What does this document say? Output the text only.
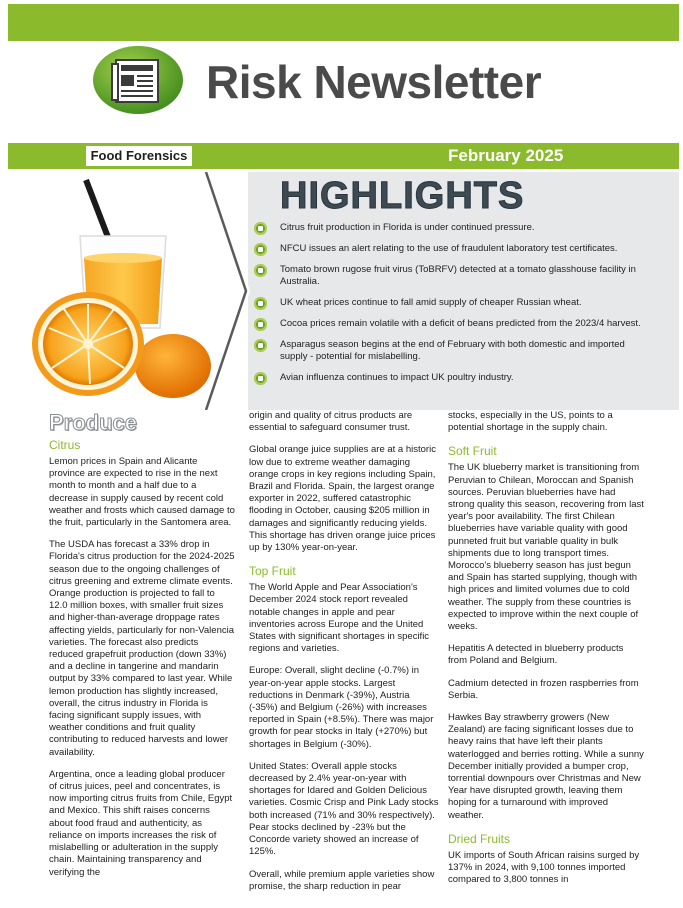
Risk Newsletter
Food Forensics	February 2025
HIGHLIGHTS
Citrus fruit production in Florida is under continued pressure.
NFCU issues an alert relating to the use of fraudulent laboratory test certificates.
Tomato brown rugose fruit virus (ToBRFV) detected at a tomato glasshouse facility in Australia.
UK wheat prices continue to fall amid supply of cheaper Russian wheat.
Cocoa prices remain volatile with a deficit of beans predicted from the 2023/4 harvest.
Asparagus season begins at the end of February with both domestic and imported supply - potential for mislabelling.
Avian influenza continues to impact UK poultry industry.
Produce
Citrus

Lemon prices in Spain and Alicante province are expected to rise in the next month to month and a half due to a decrease in supply caused by recent cold weather and frosts which caused damage to the fruit, particularly in the Santomera area.

The USDA has forecast a 33% drop in Florida's citrus production for the 2024-2025 season due to the ongoing challenges of citrus greening and extreme climate events. Orange production is projected to fall to 12.0 million boxes, with smaller fruit sizes and higher-than-average droppage rates affecting yields, particularly for non-Valencia varieties. The forecast also predicts reduced grapefruit production (down 33%) and a decline in tangerine and mandarin output by 33% compared to last year. While lemon production has slightly increased, overall, the citrus industry in Florida is facing significant supply issues, with weather conditions and fruit quality contributing to reduced harvests and lower availability.

Argentina, once a leading global producer of citrus juices, peel and concentrates, is now importing citrus fruits from Chile, Egypt and Mexico. This shift raises concerns about food fraud and authenticity, as reliance on imports increases the risk of mislabelling or adulteration in the supply chain. Maintaining transparency and verifying the

origin and quality of citrus products are essential to safeguard consumer trust.

Global orange juice supplies are at a historic low due to extreme weather damaging orange crops in key regions including Spain, Brazil and Florida. Spain, the largest orange exporter in 2022, suffered catastrophic flooding in October, causing $205 million in damages and significantly reducing yields. This shortage has driven orange juice prices up by 130% year-on-year.

Top Fruit

The World Apple and Pear Association's December 2024 stock report revealed notable changes in apple and pear inventories across Europe and the United States with significant shortages in specific regions and varieties.

Europe: Overall, slight decline (-0.7%) in year-on-year apple stocks. Largest reductions in Denmark (-39%), Austria (-35%) and Belgium (-26%) with increases reported in Spain (+8.5%). There was major growth for pear stocks in Italy (+270%) but shortages in Belgium (-30%).

United States: Overall apple stocks decreased by 2.4% year-on-year with shortages for Idared and Golden Delicious varieties. Cosmic Crisp and Pink Lady stocks both increased (71% and 30% respectively). Pear stocks declined by -23% but the Concorde variety showed an increase of 125%.

Overall, while premium apple varieties show promise, the sharp reduction in pear

stocks, especially in the US, points to a potential shortage in the supply chain.

Soft Fruit

The UK blueberry market is transitioning from Peruvian to Chilean, Moroccan and Spanish sources. Peruvian blueberries have had strong quality this season, recovering from last year's poor availability. The first Chilean blueberries have variable quality with good punneted fruit but variable quality in bulk shipments due to long transport times. Morocco's blueberry season has just begun and Spain has started supplying, though with high prices and limited volumes due to cold weather. The supply from these countries is expected to improve within the next couple of weeks.

Hepatitis A detected in blueberry products from Poland and Belgium.

Cadmium detected in frozen raspberries from Serbia.

Hawkes Bay strawberry growers (New Zealand) are facing significant losses due to heavy rains that have left their plants waterlogged and berries rotting. While a sunny December initially provided a bumper crop, torrential downpours over Christmas and New Year have disrupted growth, leaving them hoping for a turnaround with improved weather.

Dried Fruits

UK imports of South African raisins surged by 137% in 2024, with 9,100 tonnes imported compared to 3,800 tonnes in
